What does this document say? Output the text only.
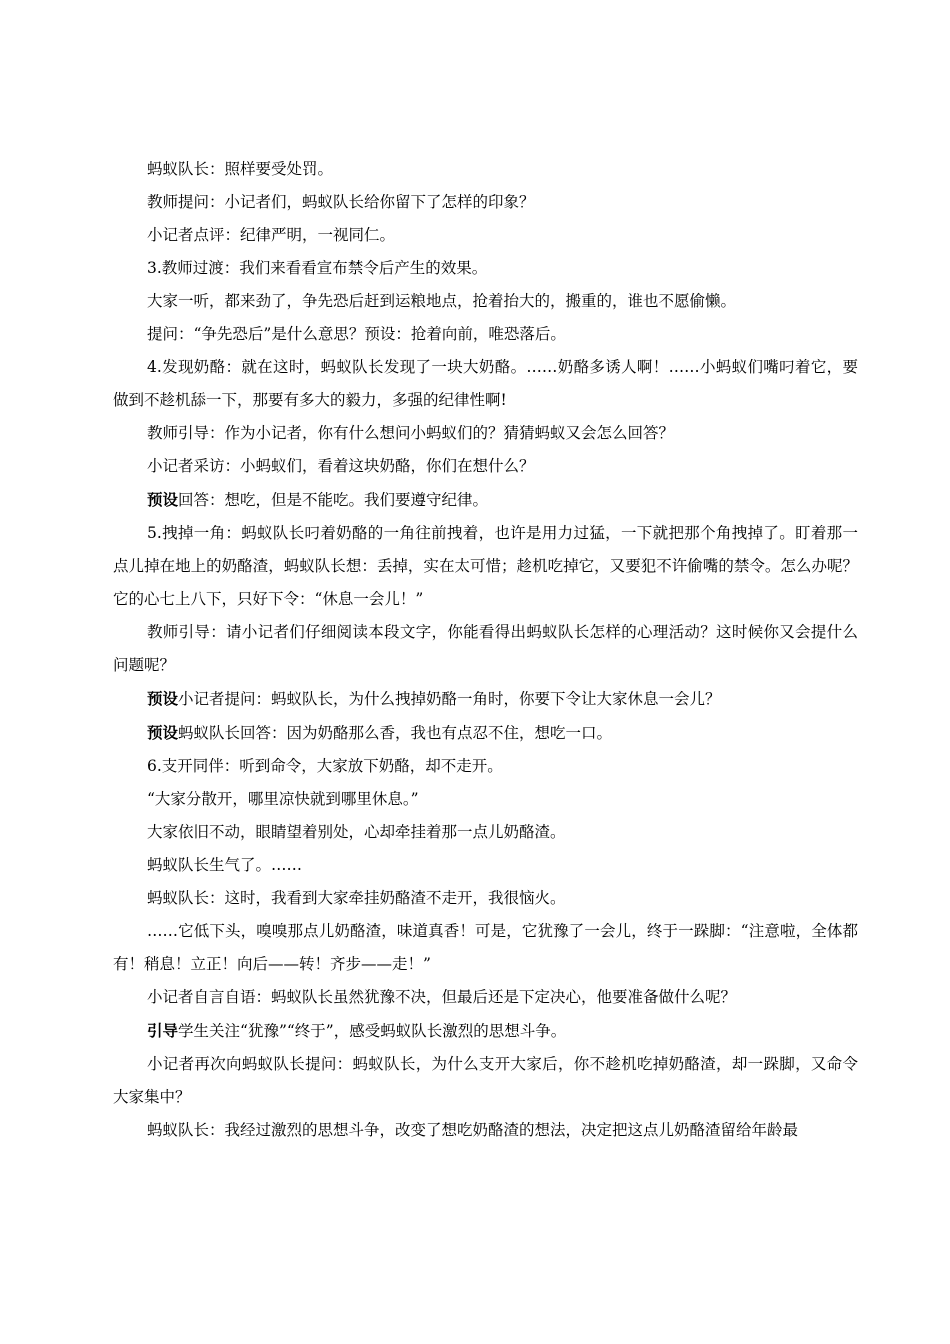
蚂蚁队长：照样要受处罚。

教师提问：小记者们，蚂蚁队长给你留下了怎样的印象？

小记者点评：纪律严明，一视同仁。

3.教师过渡：我们来看看宣布禁令后产生的效果。

大家一听，都来劲了，争先恐后赶到运粮地点，抢着抬大的，搬重的，谁也不愿偷懒。

提问：“争先恐后”是什么意思？预设：抢着向前，唯恐落后。

4.发现奶酪：就在这时，蚂蚁队长发现了一块大奶酪。……奶酪多诱人啊！……小蚂蚁们嘴叼着它，要做到不趁机舔一下，那要有多大的毅力，多强的纪律性啊!

教师引导：作为小记者，你有什么想问小蚂蚁们的？猜猜蚂蚁又会怎么回答？

小记者采访：小蚂蚁们，看着这块奶酪，你们在想什么？

预设回答：想吃，但是不能吃。我们要遵守纪律。

5.拽掉一角：蚂蚁队长叼着奶酪的一角往前拽着，也许是用力过猛，一下就把那个角拽掉了。盯着那一点儿掉在地上的奶酪渣，蚂蚁队长想：丢掉，实在太可惜；趁机吃掉它，又要犯不许偷嘴的禁令。怎么办呢？它的心七上八下，只好下令：“休息一会儿！”

教师引导：请小记者们仔细阅读本段文字，你能看得出蚂蚁队长怎样的心理活动？这时候你又会提什么问题呢？

预设小记者提问：蚂蚁队长，为什么拽掉奶酪一角时，你要下令让大家休息一会儿？

预设蚂蚁队长回答：因为奶酪那么香，我也有点忍不住，想吃一口。

6.支开同伴：听到命令，大家放下奶酪，却不走开。

“大家分散开，哪里凉快就到哪里休息。”

大家依旧不动，眼睛望着别处，心却牵挂着那一点儿奶酪渣。

蚂蚁队长生气了。……

蚂蚁队长：这时，我看到大家牵挂奶酪渣不走开，我很恼火。

……它低下头，嗅嗅那点儿奶酪渣，味道真香！可是，它犹豫了一会儿，终于一跺脚：“注意啦，全体都有！稍息！立正！向后——转！齐步——走！”

小记者自言自语：蚂蚁队长虽然犹豫不决，但最后还是下定决心，他要准备做什么呢？

引导学生关注“犹豫”“终于”，感受蚂蚁队长激烈的思想斗争。

小记者再次向蚂蚁队长提问：蚂蚁队长，为什么支开大家后，你不趁机吃掉奶酪渣，却一跺脚，又命令大家集中？

蚂蚁队长：我经过激烈的思想斗争，改变了想吃奶酪渣的想法，决定把这点儿奶酪渣留给年龄最
